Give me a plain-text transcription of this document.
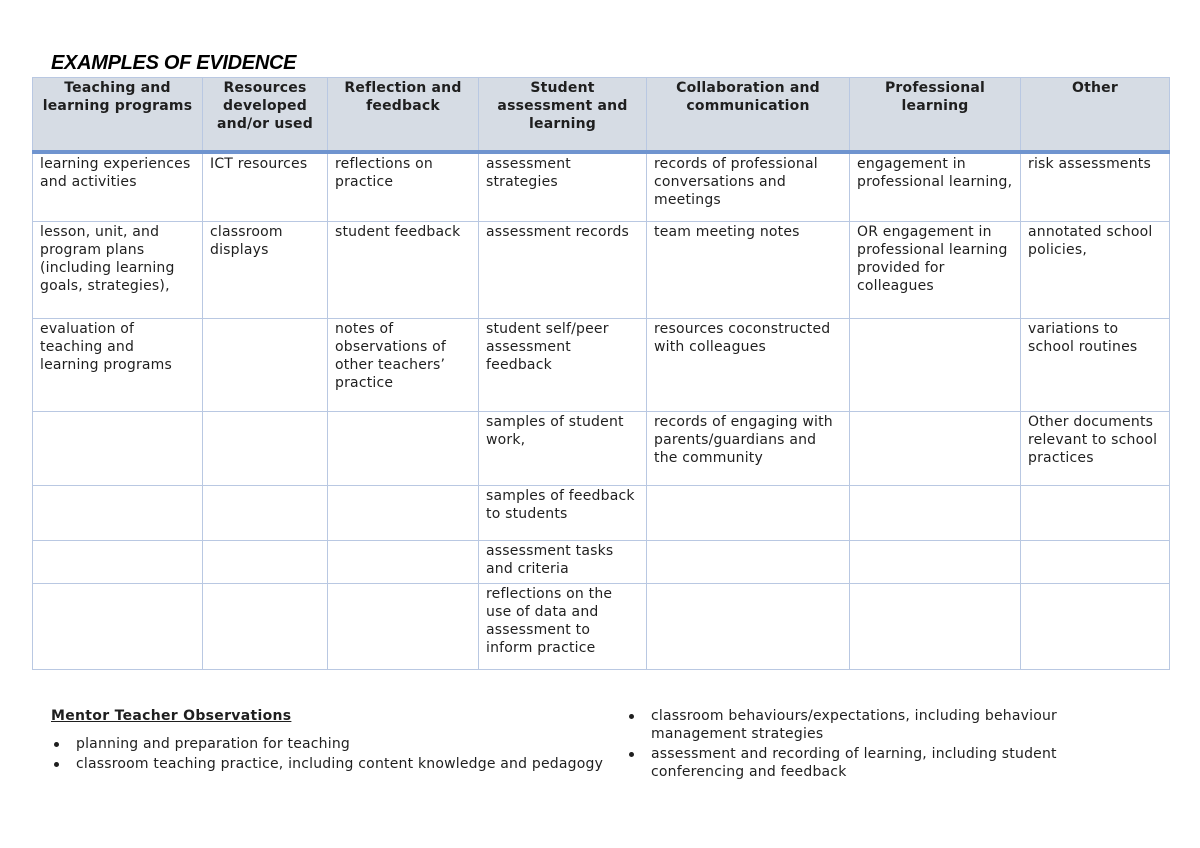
EXAMPLES OF EVIDENCE
Teaching and learning programs	Resources developed and/or used	Reflection and feedback	Student assessment and learning	Collaboration and communication	Professional learning	Other
learning experiences and activities	ICT resources	reflections on practice	assessment strategies	records of professional conversations and meetings	engagement in professional learning,	risk assessments
lesson, unit, and program plans (including learning goals, strategies),	classroom displays	student feedback	assessment records	team meeting notes	OR engagement in professional learning provided for colleagues	annotated school policies,
evaluation of teaching and learning programs		notes of observations of other teachers’ practice	student self/peer assessment feedback	resources coconstructed with colleagues		variations to school routines
			samples of student work,	records of engaging with parents/guardians and the community		Other documents relevant to school practices
			samples of feedback to students			
			assessment tasks and criteria			
			reflections on the use of data and assessment to inform practice			
Mentor Teacher Observations
planning and preparation for teaching
classroom teaching practice, including content knowledge and pedagogy
classroom behaviours/expectations, including behaviour management strategies
assessment and recording of learning, including student conferencing and feedback
